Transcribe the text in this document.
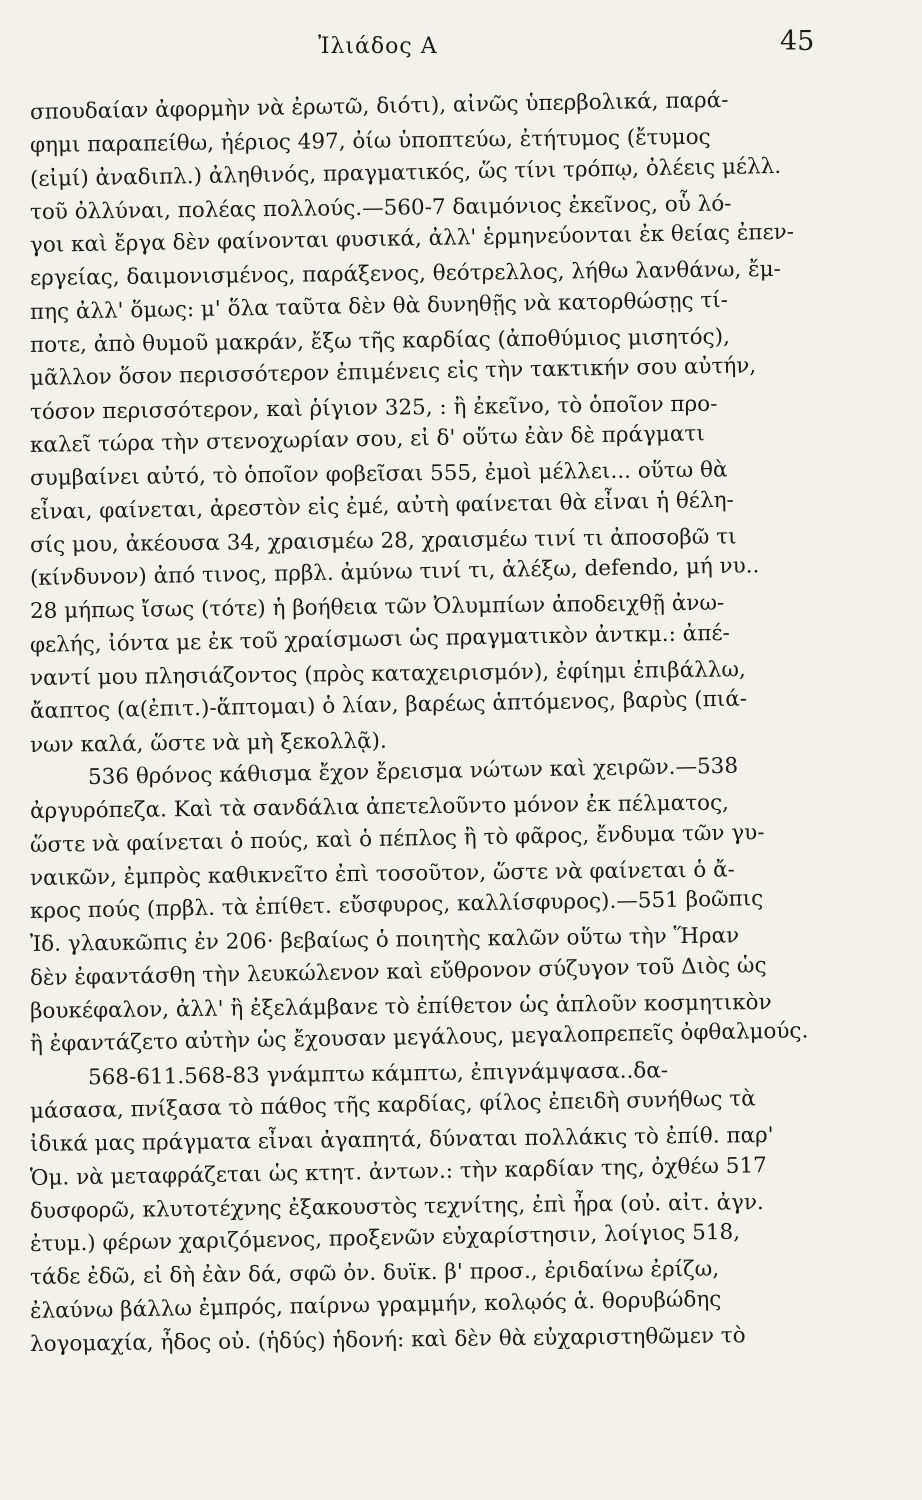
Ἰλιάδος Α	45
σπουδαίαν ἀφορμὴν νὰ ἐρωτῶ, διότι), αἰνῶς ὑπερβολικά, παρά-
φημι παραπείθω, ἠέριος 497, ὀίω ὑποπτεύω, ἐτήτυμος (ἔτυμος
(εἰμί) ἀναδιπλ.) ἀληθινός, πραγματικός, ὥς τίνι τρόπῳ, ὀλέεις μέλλ.
τοῦ ὀλλύναι, πολέας πολλούς.—560-7 δαιμόνιος ἐκεῖνος, οὗ λό-
γοι καὶ ἔργα δὲν φαίνονται φυσικά, ἀλλ' ἑρμηνεύονται ἐκ θείας ἐπεν-
εργείας, δαιμονισμένος, παράξενος, θεότρελλος, λήθω λανθάνω, ἔμ-
πης ἀλλ' ὅμως: μ' ὅλα ταῦτα δὲν θὰ δυνηθῇς νὰ κατορθώσῃς τί-
ποτε, ἀπὸ θυμοῦ μακράν, ἔξω τῆς καρδίας (ἀποθύμιος μισητός),
μᾶλλον ὅσον περισσότερον ἐπιμένεις εἰς τὴν τακτικήν σου αὐτήν,
τόσον περισσότερον, καὶ ῥίγιον 325, : ἢ ἐκεῖνο, τὸ ὁποῖον προ-
καλεῖ τώρα τὴν στενοχωρίαν σου, εἰ δ' οὕτω ἐὰν δὲ πράγματι
συμβαίνει αὐτό, τὸ ὁποῖον φοβεῖσαι 555, ἐμοὶ μέλλει... οὕτω θὰ
εἶναι, φαίνεται, ἀρεστὸν εἰς ἐμέ, αὐτὴ φαίνεται θὰ εἶναι ἡ θέλη-
σίς μου, ἀκέουσα 34, χραισμέω 28, χραισμέω τινί τι ἀποσοβῶ τι
(κίνδυνον) ἀπό τινος, πρβλ. ἀμύνω τινί τι, ἀλέξω, defendo, μή νυ..
28 μήπως ἴσως (τότε) ἡ βοήθεια τῶν Ὀλυμπίων ἀποδειχθῇ ἀνω-
φελής, ἰόντα με ἐκ τοῦ χραίσμωσι ὡς πραγματικὸν ἀντκμ.: ἀπέ-
ναντί μου πλησιάζοντος (πρὸς καταχειρισμόν), ἐφίημι ἐπιβάλλω,
ἄαπτος (α(ἐπιτ.)-ἅπτομαι) ὁ λίαν, βαρέως ἁπτόμενος, βαρὺς (πιά-
νων καλά, ὥστε νὰ μὴ ξεκολλᾷ).
536 θρόνος κάθισμα ἔχον ἔρεισμα νώτων καὶ χειρῶν.—538
ἀργυρόπεζα. Καὶ τὰ σανδάλια ἀπετελοῦντο μόνον ἐκ πέλματος,
ὥστε νὰ φαίνεται ὁ πούς, καὶ ὁ πέπλος ἢ τὸ φᾶρος, ἔνδυμα τῶν γυ-
ναικῶν, ἐμπρὸς καθικνεῖτο ἐπὶ τοσοῦτον, ὥστε νὰ φαίνεται ὁ ἄ-
κρος πούς (πρβλ. τὰ ἐπίθετ. εὔσφυρος, καλλίσφυρος).—551 βοῶπις
Ἰδ. γλαυκῶπις ἐν 206· βεβαίως ὁ ποιητὴς καλῶν οὕτω τὴν Ἥραν
δὲν ἐφαντάσθη τὴν λευκώλενον καὶ εὔθρονον σύζυγον τοῦ Διὸς ὡς
βουκέφαλον, ἀλλ' ἢ ἐξελάμβανε τὸ ἐπίθετον ὡς ἁπλοῦν κοσμητικὸν
ἢ ἐφαντάζετο αὐτὴν ὡς ἔχουσαν μεγάλους, μεγαλοπρεπεῖς ὀφθαλμούς.
568-611.568-83 γνάμπτω κάμπτω, ἐπιγνάμψασα..δα-
μάσασα, πνίξασα τὸ πάθος τῆς καρδίας, φίλος ἐπειδὴ συνήθως τὰ
ἰδικά μας πράγματα εἶναι ἀγαπητά, δύναται πολλάκις τὸ ἐπίθ. παρ'
Ὁμ. νὰ μεταφράζεται ὡς κτητ. ἀντων.: τὴν καρδίαν της, ὀχθέω 517
δυσφορῶ, κλυτοτέχνης ἐξακουστὸς τεχνίτης, ἐπὶ ἦρα (οὐ. αἰτ. ἀγν.
ἐτυμ.) φέρων χαριζόμενος, προξενῶν εὐχαρίστησιν, λοίγιος 518,
τάδε ἐδῶ, εἰ δὴ ἐὰν δά, σφῶ ὀν. δυϊκ. β' προσ., ἐριδαίνω ἐρίζω,
ἐλαύνω βάλλω ἐμπρός, παίρνω γραμμήν, κολῳός ἁ. θορυβώδης
λογομαχία, ἦδος οὐ. (ἡδύς) ἡδονή: καὶ δὲν θὰ εὐχαριστηθῶμεν τὸ
